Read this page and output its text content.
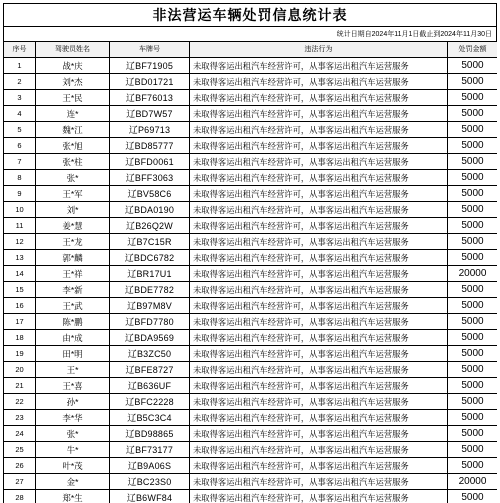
非法营运车辆处罚信息统计表
统计日期自2024年11月1日截止到2024年11月30日
序号	驾驶员姓名	车牌号	违法行为	处罚金额
1	战*庆	辽BF71905	未取得客运出租汽车经营许可，从事客运出租汽车运营服务	5000
2	刘*杰	辽BD01721	未取得客运出租汽车经营许可，从事客运出租汽车运营服务	5000
3	王*民	辽BF76013	未取得客运出租汽车经营许可，从事客运出租汽车运营服务	5000
4	连*	辽BD7W57	未取得客运出租汽车经营许可，从事客运出租汽车运营服务	5000
5	魏*江	辽P69713	未取得客运出租汽车经营许可，从事客运出租汽车运营服务	5000
6	张*旭	辽BD85777	未取得客运出租汽车经营许可，从事客运出租汽车运营服务	5000
7	张*柱	辽BFD0061	未取得客运出租汽车经营许可，从事客运出租汽车运营服务	5000
8	张*	辽BFF3063	未取得客运出租汽车经营许可，从事客运出租汽车运营服务	5000
9	王*军	辽BV58C6	未取得客运出租汽车经营许可，从事客运出租汽车运营服务	5000
10	刘*	辽BDA0190	未取得客运出租汽车经营许可，从事客运出租汽车运营服务	5000
11	姜*慧	辽B26Q2W	未取得客运出租汽车经营许可，从事客运出租汽车运营服务	5000
12	王*龙	辽B7C15R	未取得客运出租汽车经营许可，从事客运出租汽车运营服务	5000
13	郭*麟	辽BDC6782	未取得客运出租汽车经营许可，从事客运出租汽车运营服务	5000
14	王*祥	辽BR17U1	未取得客运出租汽车经营许可，从事客运出租汽车运营服务	20000
15	李*新	辽BDE7782	未取得客运出租汽车经营许可，从事客运出租汽车运营服务	5000
16	王*武	辽B97M8V	未取得客运出租汽车经营许可，从事客运出租汽车运营服务	5000
17	陈*鹏	辽BFD7780	未取得客运出租汽车经营许可，从事客运出租汽车运营服务	5000
18	由*成	辽BDA9569	未取得客运出租汽车经营许可，从事客运出租汽车运营服务	5000
19	田*明	辽B3ZC50	未取得客运出租汽车经营许可，从事客运出租汽车运营服务	5000
20	王*	辽BFE8727	未取得客运出租汽车经营许可，从事客运出租汽车运营服务	5000
21	王*喜	辽B636UF	未取得客运出租汽车经营许可，从事客运出租汽车运营服务	5000
22	孙*	辽BFC2228	未取得客运出租汽车经营许可，从事客运出租汽车运营服务	5000
23	李*华	辽B5C3C4	未取得客运出租汽车经营许可，从事客运出租汽车运营服务	5000
24	张*	辽BD98865	未取得客运出租汽车经营许可，从事客运出租汽车运营服务	5000
25	牛*	辽BF73177	未取得客运出租汽车经营许可，从事客运出租汽车运营服务	5000
26	叶*茂	辽B9A06S	未取得客运出租汽车经营许可，从事客运出租汽车运营服务	5000
27	金*	辽BC23S0	未取得客运出租汽车经营许可，从事客运出租汽车运营服务	20000
28	郑*生	辽B6WF84	未取得客运出租汽车经营许可，从事客运出租汽车运营服务	5000
